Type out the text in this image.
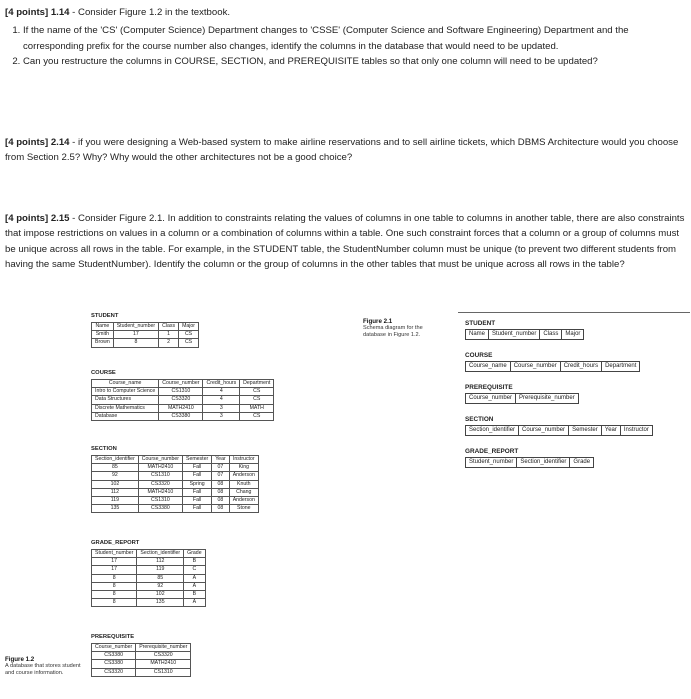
[4 points] 1.14 - Consider Figure 1.2 in the textbook.

1. If the name of the 'CS' (Computer Science) Department changes to 'CSSE' (Computer Science and Software Engineering) Department and the corresponding prefix for the course number also changes, identify the columns in the database that would need to be updated.
2. Can you restructure the columns in COURSE, SECTION, and PREREQUISITE tables so that only one column will need to be updated?

[4 points] 2.14 - if you were designing a Web-based system to make airline reservations and to sell airline tickets, which DBMS Architecture would you choose from Section 2.5? Why? Why would the other architectures not be a good choice?

[4 points] 2.15 - Consider Figure 2.1. In addition to constraints relating the values of columns in one table to columns in another table, there are also constraints that impose restrictions on values in a column or a combination of columns within a table. One such constraint forces that a column or a group of columns must be unique across all rows in the table. For example, in the STUDENT table, the StudentNumber column must be unique (to prevent two different students from having the same StudentNumber). Identify the column or the group of columns in the other tables that must be unique across all rows in the table?

STUDENT
Name	Student_number	Class	Major
Smith	17	1	CS
Brown	8	2	CS
COURSE
Course_name	Course_number	Credit_hours	Department
Intro to Computer Science	CS1310	4	CS
Data Structures	CS3320	4	CS
Discrete Mathematics	MATH2410	3	MATH
Database	CS3380	3	CS
SECTION
Section_identifier	Course_number	Semester	Year	Instructor
85	MATH2410	Fall	07	King
92	CS1310	Fall	07	Anderson
102	CS3320	Spring	08	Knuth
112	MATH2410	Fall	08	Chang
119	CS1310	Fall	08	Anderson
135	CS3380	Fall	08	Stone
GRADE_REPORT
Student_number	Section_identifier	Grade
17	112	B
17	119	C
8	85	A
8	92	A
8	102	B
8	135	A
PREREQUISITE
Course_number	Prerequisite_number
CS3380	CS3320
CS3380	MATH2410
CS3320	CS1310
Figure 1.2
A database that stores student and course information.
Figure 2.1
Schema diagram for the database in Figure 1.2.
STUDENT
Name	Student_number	Class	Major
COURSE
Course_name	Course_number	Credit_hours	Department
PREREQUISITE
Course_number	Prerequisite_number
SECTION
Section_identifier	Course_number	Semester	Year	Instructor
GRADE_REPORT
Student_number	Section_identifier	Grade
